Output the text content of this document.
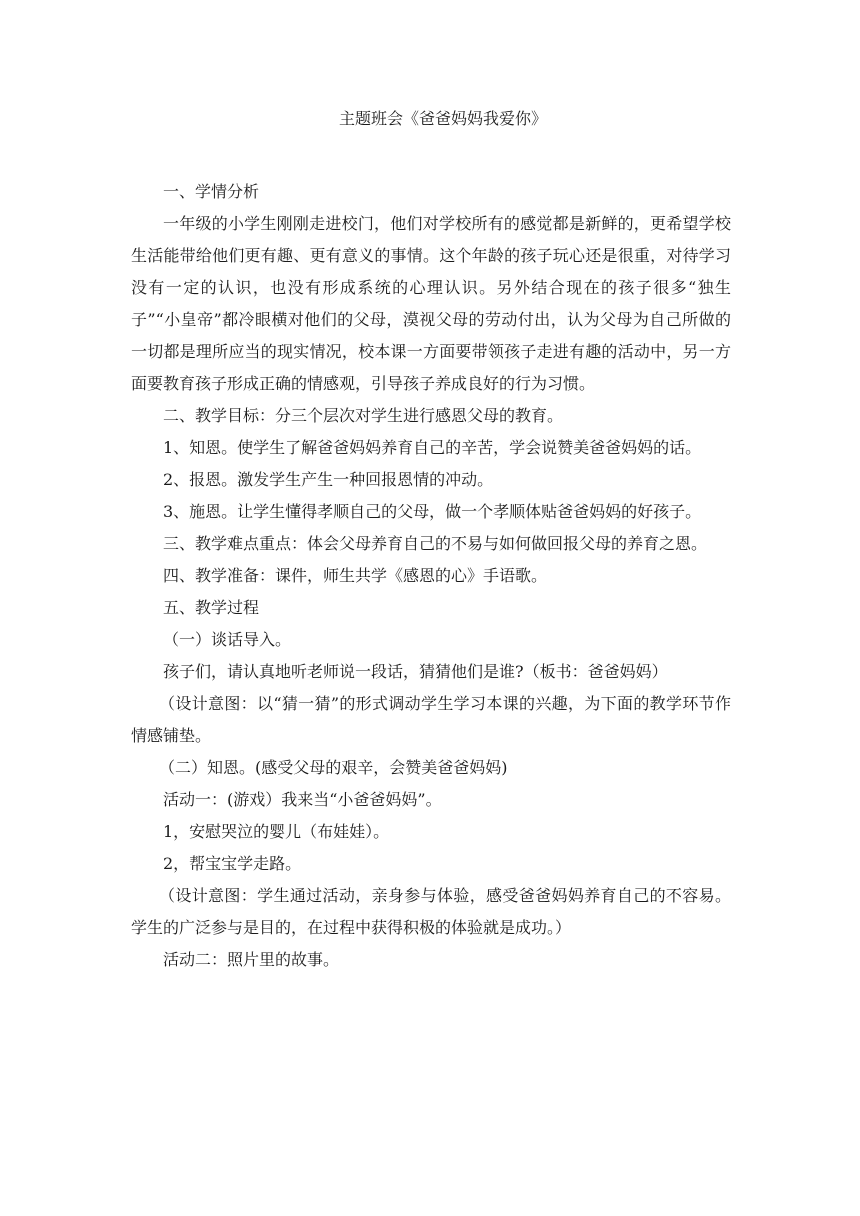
主题班会《爸爸妈妈我爱你》

一、学情分析

一年级的小学生刚刚走进校门，他们对学校所有的感觉都是新鲜的，更希望学校生活能带给他们更有趣、更有意义的事情。这个年龄的孩子玩心还是很重，对待学习没有一定的认识，也没有形成系统的心理认识。另外结合现在的孩子很多“独生子”“小皇帝”都冷眼横对他们的父母，漠视父母的劳动付出，认为父母为自己所做的一切都是理所应当的现实情况，校本课一方面要带领孩子走进有趣的活动中，另一方面要教育孩子形成正确的情感观，引导孩子养成良好的行为习惯。

二、教学目标：分三个层次对学生进行感恩父母的教育。

1、知恩。使学生了解爸爸妈妈养育自己的辛苦，学会说赞美爸爸妈妈的话。

2、报恩。激发学生产生一种回报恩情的冲动。

3、施恩。让学生懂得孝顺自己的父母，做一个孝顺体贴爸爸妈妈的好孩子。

三、教学难点重点：体会父母养育自己的不易与如何做回报父母的养育之恩。

四、教学准备：课件，师生共学《感恩的心》手语歌。

五、教学过程

（一）谈话导入。

孩子们，请认真地听老师说一段话，猜猜他们是谁?（板书：爸爸妈妈）

（设计意图：以“猜一猜”的形式调动学生学习本课的兴趣，为下面的教学环节作情感铺垫。

（二）知恩。(感受父母的艰辛，会赞美爸爸妈妈)

活动一：(游戏）我来当“小爸爸妈妈”。

1，安慰哭泣的婴儿（布娃娃）。

2，帮宝宝学走路。

（设计意图：学生通过活动，亲身参与体验，感受爸爸妈妈养育自己的不容易。学生的广泛参与是目的，在过程中获得积极的体验就是成功。）

活动二：照片里的故事。
